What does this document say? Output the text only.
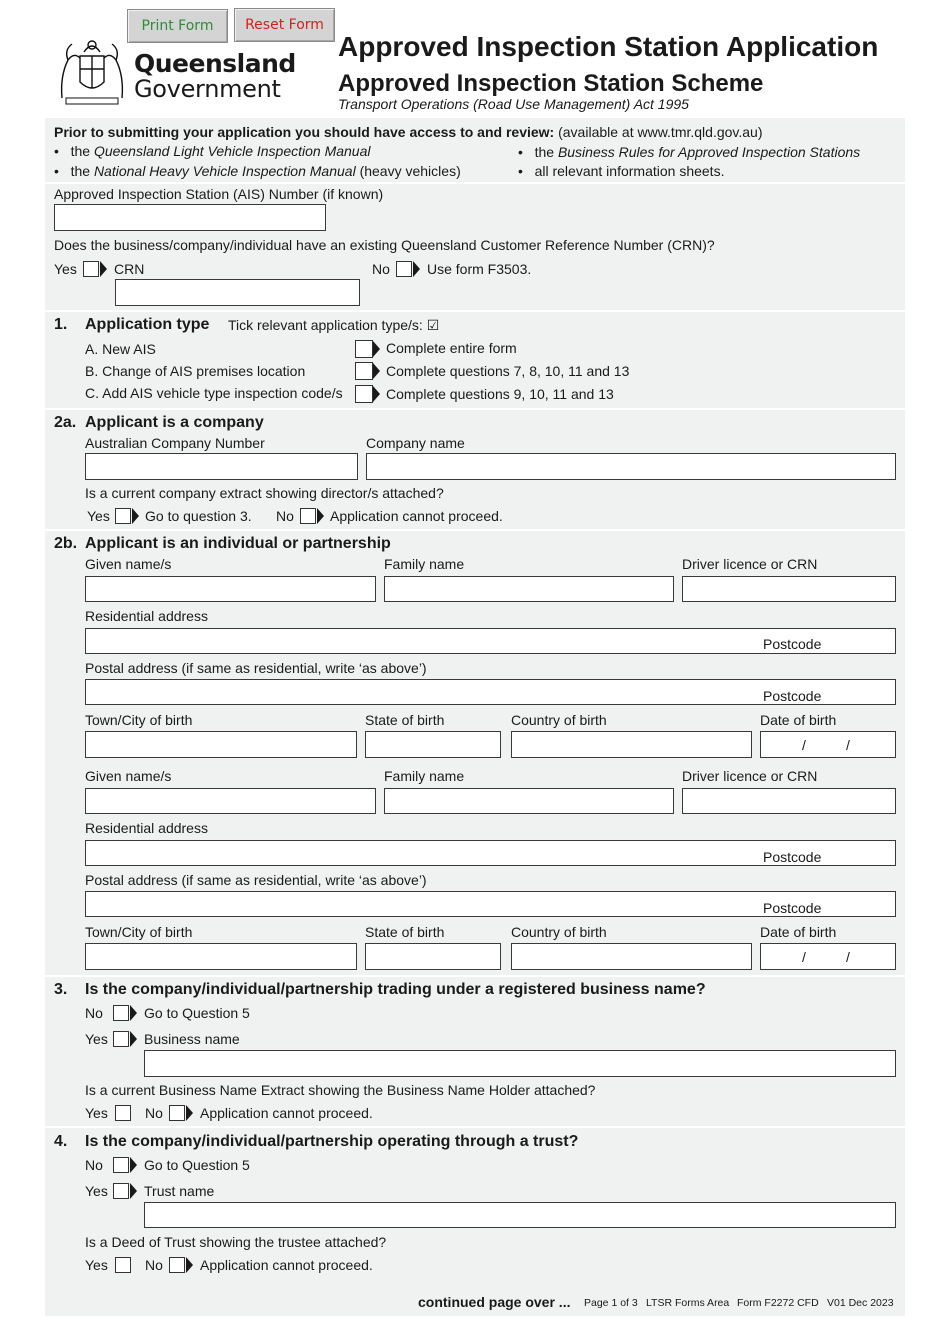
Print Form	Reset Form
Queensland
Government
Approved Inspection Station Application
Approved Inspection Station Scheme
Transport Operations (Road Use Management) Act 1995
Prior to submitting your application you should have access to and review: (available at www.tmr.qld.gov.au)
•   the Queensland Light Vehicle Inspection Manual
•   the National Heavy Vehicle Inspection Manual (heavy vehicles)
•   the Business Rules for Approved Inspection Stations
•   all relevant information sheets.
Approved Inspection Station (AIS) Number (if known)
Does the business/company/individual have an existing Queensland Customer Reference Number (CRN)?
Yes	CRN	No	Use form F3503.
1. Application type Tick relevant application type/s: ☑
A. New AIS	Complete entire form
B. Change of AIS premises location	Complete questions 7, 8, 10, 11 and 13
C. Add AIS vehicle type inspection code/s	Complete questions 9, 10, 11 and 13
2a. Applicant is a company
Australian Company Number	Company name
Is a current company extract showing director/s attached?
Yes	Go to question 3. No	Application cannot proceed.
2b. Applicant is an individual or partnership
Given name/s	Family name	Driver licence or CRN
Residential address
Postcode
Postal address (if same as residential, write ‘as above’)
Postcode
Town/City of birth	State of birth	Country of birth	Date of birth
/	/
Given name/s	Family name	Driver licence or CRN
Residential address
Postcode
Postal address (if same as residential, write ‘as above’)
Postcode
Town/City of birth	State of birth	Country of birth	Date of birth
/	/
3. Is the company/individual/partnership trading under a registered business name?
No	Go to Question 5
Yes	Business name
Is a current Business Name Extract showing the Business Name Holder attached?
Yes	No	Application cannot proceed.
4. Is the company/individual/partnership operating through a trust?
No	Go to Question 5
Yes	Trust name
Is a Deed of Trust showing the trustee attached?
Yes	No	Application cannot proceed.
continued page over ... Page 1 of 3 LTSR Forms Area Form F2272 CFD V01 Dec 2023
